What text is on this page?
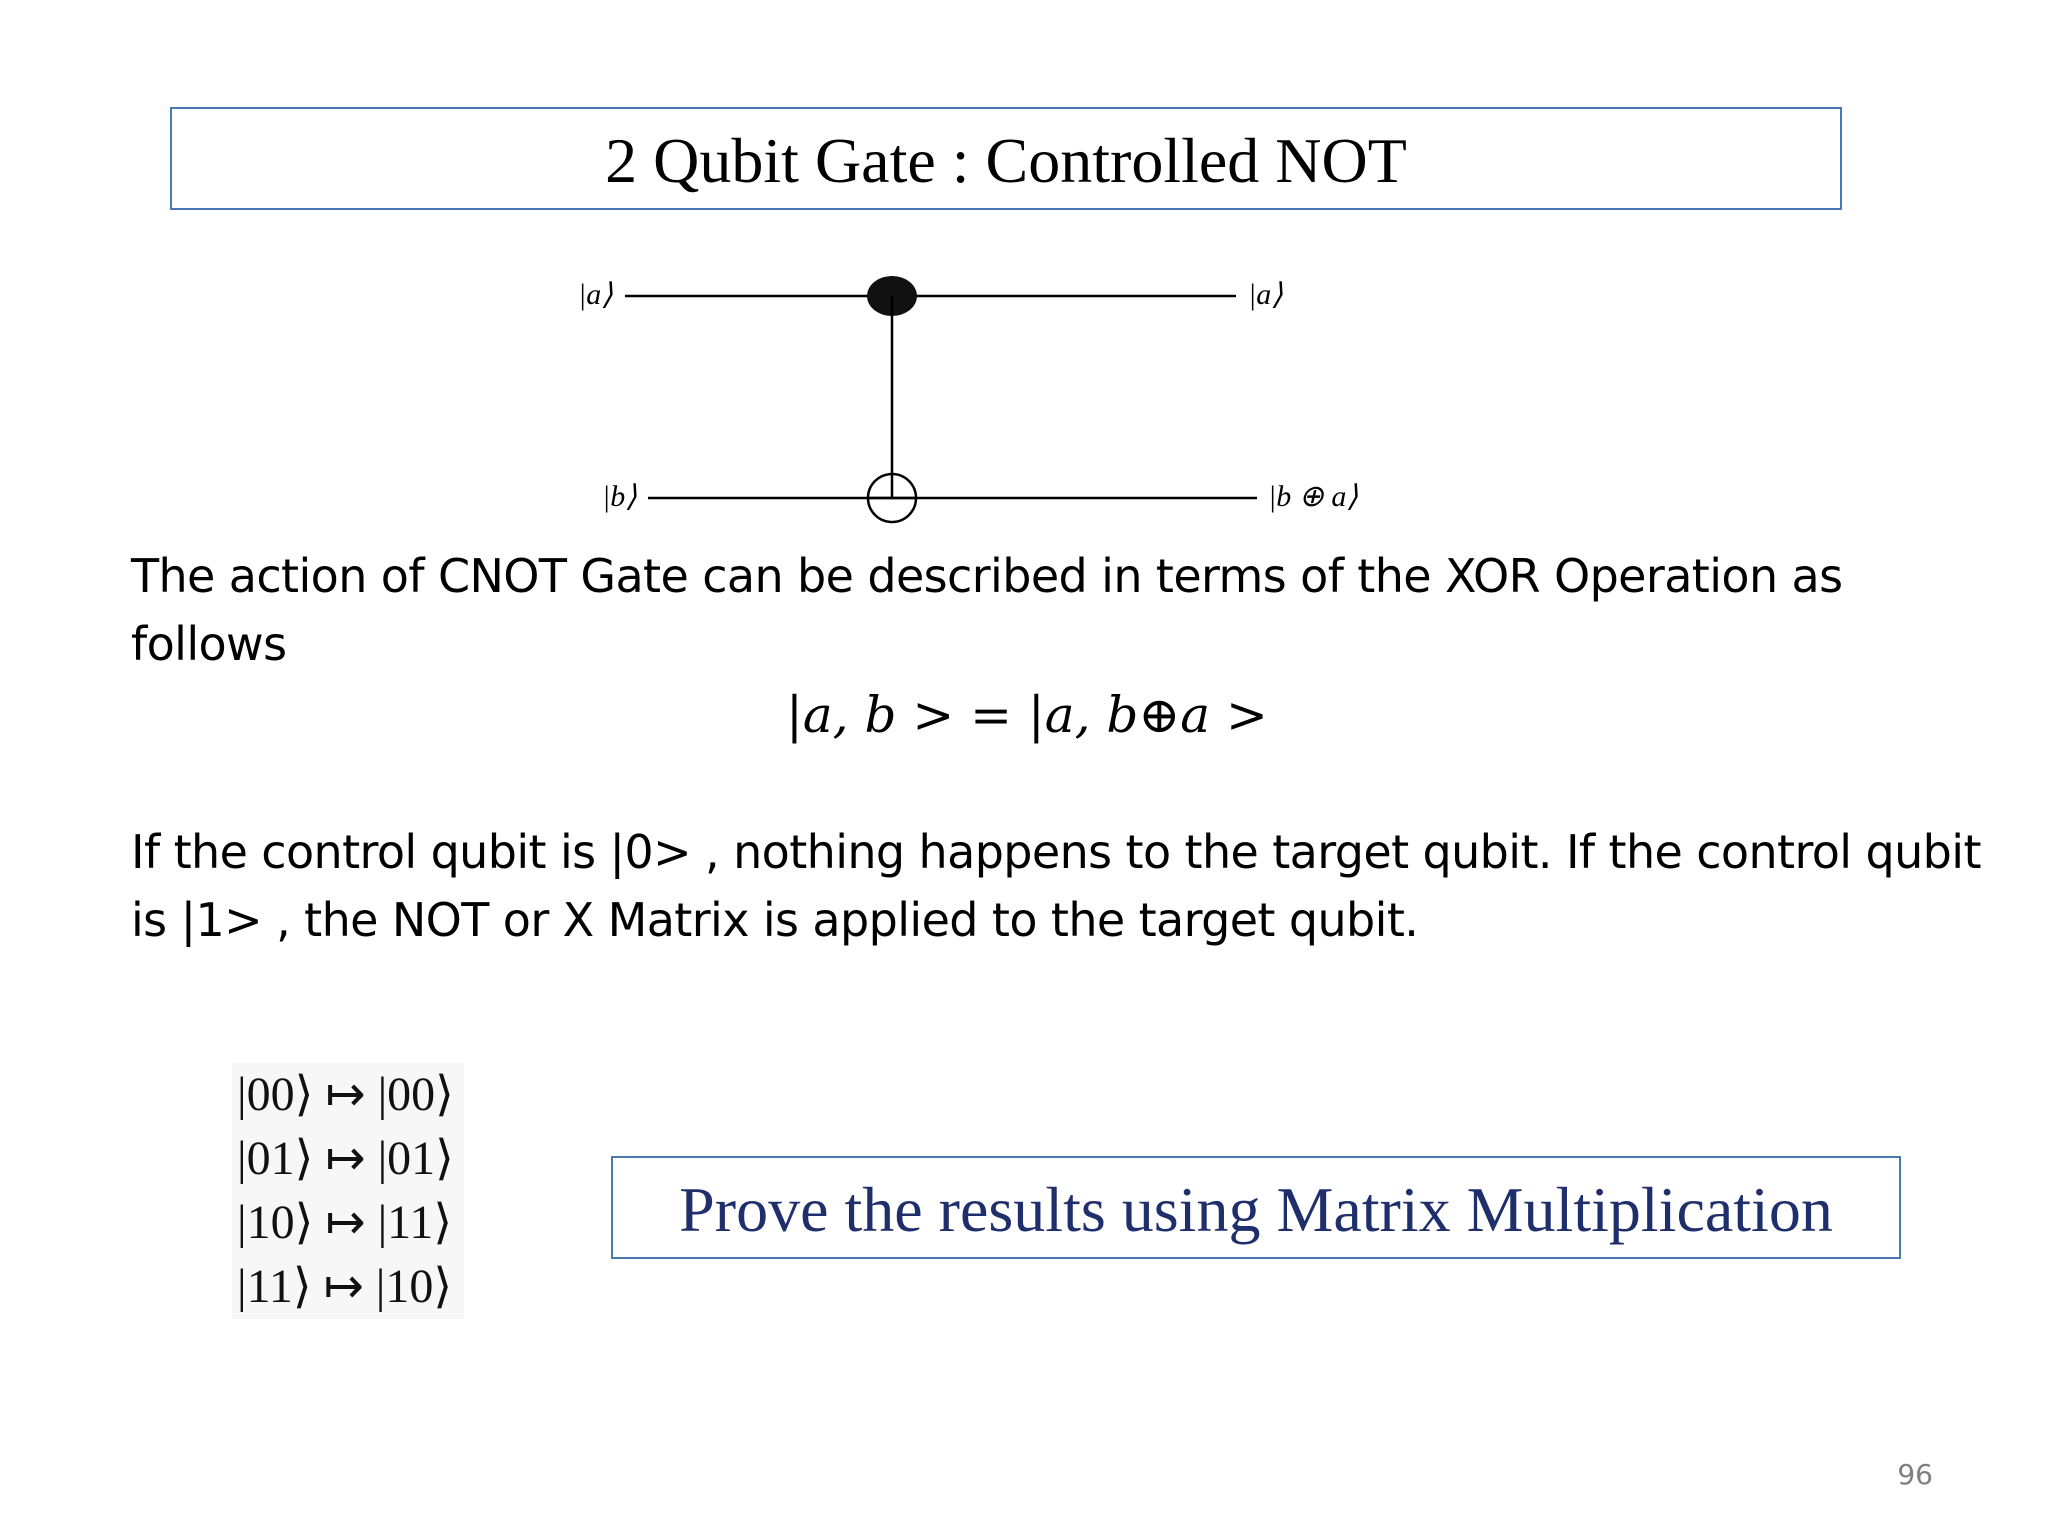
2 Qubit Gate : Controlled NOT
|a⟩	|a⟩
|b⟩	|b ⊕ a⟩
The action of CNOT Gate can be described in terms of the XOR Operation as follows
|a, b > = |a, b⊕a >
If the control qubit is |0> , nothing happens to the target qubit. If the control qubit is |1> , the NOT or X Matrix is applied to the target qubit.
|00⟩ ↦ |00⟩
|01⟩ ↦ |01⟩
|10⟩ ↦ |11⟩
|11⟩ ↦ |10⟩
Prove the results using Matrix Multiplication
96
